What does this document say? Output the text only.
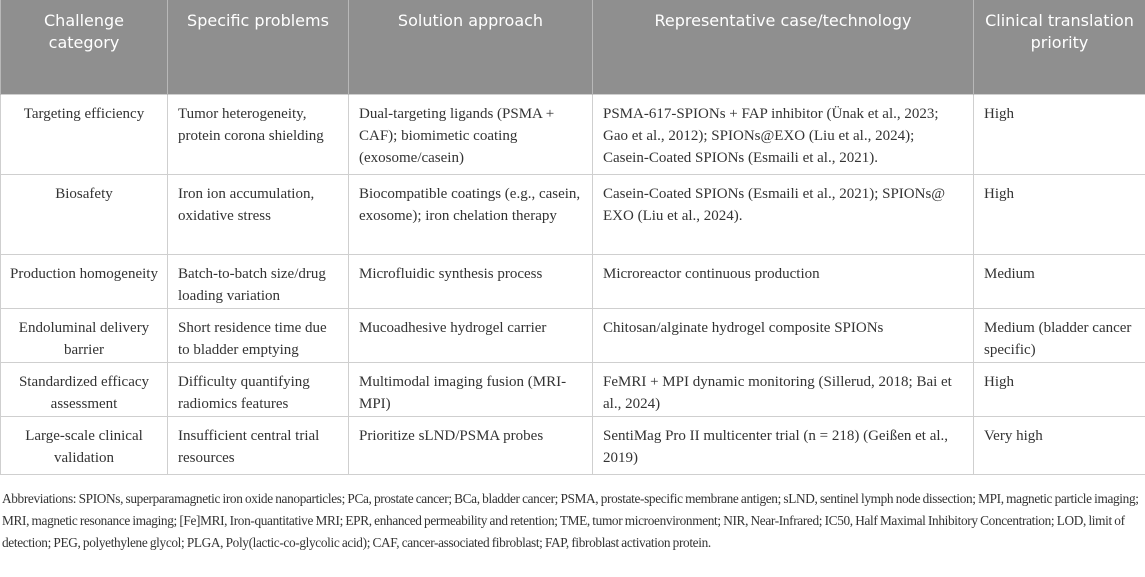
Challenge category	Specific problems	Solution approach	Representative case/technology	Clinical translation priority
Targeting efficiency	Tumor heterogeneity, protein corona shielding	Dual-targeting ligands (PSMA + CAF); biomimetic coating (exosome/casein)	PSMA-617-SPIONs + FAP inhibitor (Ünak et al., 2023; Gao et al., 2012); SPIONs@EXO (Liu et al., 2024); Casein-Coated SPIONs (Esmaili et al., 2021).	High
Biosafety	Iron ion accumulation, oxidative stress	Biocompatible coatings (e.g., casein, exosome); iron chelation therapy	Casein-Coated SPIONs (Esmaili et al., 2021); SPIONs@ EXO (Liu et al., 2024).	High
Production homogeneity	Batch-to-batch size/drug loading variation	Microfluidic synthesis process	Microreactor continuous production	Medium
Endoluminal delivery barrier	Short residence time due to bladder emptying	Mucoadhesive hydrogel carrier	Chitosan/alginate hydrogel composite SPIONs	Medium (bladder cancer specific)
Standardized efficacy assessment	Difficulty quantifying radiomics features	Multimodal imaging fusion (MRI-MPI)	FeMRI + MPI dynamic monitoring (Sillerud, 2018; Bai et al., 2024)	High
Large-scale clinical validation	Insufficient central trial resources	Prioritize sLND/PSMA probes	SentiMag Pro II multicenter trial (n = 218) (Geißen et al., 2019)	Very high
Abbreviations: SPIONs, superparamagnetic iron oxide nanoparticles; PCa, prostate cancer; BCa, bladder cancer; PSMA, prostate-specific membrane antigen; sLND, sentinel lymph node dissection; MPI, magnetic particle imaging; MRI, magnetic resonance imaging; [Fe]MRI, Iron-quantitative MRI; EPR, enhanced permeability and retention; TME, tumor microenvironment; NIR, Near-Infrared; IC50, Half Maximal Inhibitory Concentration; LOD, limit of detection; PEG, polyethylene glycol; PLGA, Poly(lactic-co-glycolic acid); CAF, cancer-associated fibroblast; FAP, fibroblast activation protein.
